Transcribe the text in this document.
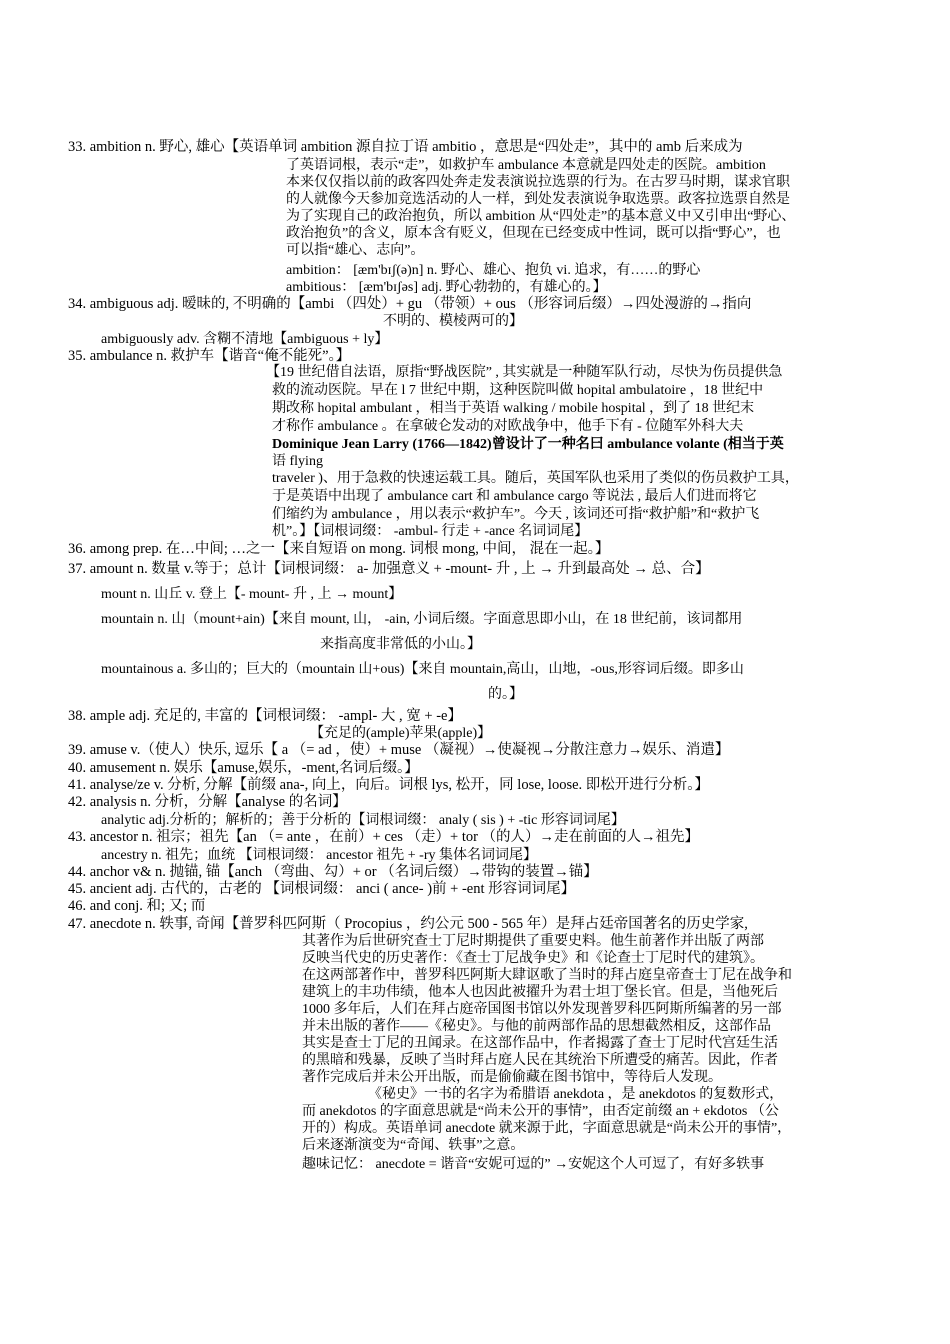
33. ambition n. 野心, 雄心【英语单词 ambition 源自拉丁语 ambitio ，意思是“四处走”，其中的 amb 后来成为
了英语词根，表示“走”，如救护车 ambulance 本意就是四处走的医院。ambition
本来仅仅指以前的政客四处奔走发表演说拉选票的行为。在古罗马时期，谋求官职
的人就像今天参加竞选活动的人一样，到处发表演说争取选票。政客拉选票自然是
为了实现自己的政治抱负，所以 ambition 从“四处走”的基本意义中又引申出“野心、
政治抱负”的含义，原本含有贬义，但现在已经变成中性词，既可以指“野心”，也
可以指“雄心、志向”。
ambition： [æm'bɪʃ(ə)n] n. 野心、雄心、抱负 vi. 追求，有……的野心
ambitious： [æm'bɪʃəs] adj. 野心勃勃的，有雄心的。】
34. ambiguous adj. 暧昧的, 不明确的【ambi （四处）+ gu （带领）+ ous （形容词后缀）→四处漫游的→指向
不明的、模棱两可的】
ambiguously adv. 含糊不清地【ambiguous + ly】
35. ambulance n. 救护车【谐音“俺不能死”。】
【19 世纪借自法语，原指“野战医院” , 其实就是一种随军队行动，尽快为伤员提供急
救的流动医院。早在 l 7 世纪中期，这种医院叫做 hopital ambulatoire ，18 世纪中
期改称 hopital ambulant ，相当于英语 walking / mobile hospital ，到了 18 世纪末
才称作 ambulance 。在拿破仑发动的对欧战争中，他手下有 - 位随军外科大夫
Dominique Jean Larry (1766—1842)曾设计了一种名曰 ambulance volante (相当于英
语 flying
traveler )、用于急救的快速运载工具。随后，英国军队也采用了类似的伤员救护工具，
于是英语中出现了 ambulance cart 和 ambulance cargo 等说法 , 最后人们进而将它
们缩约为 ambulance ，用以表示“救护车”。今天 , 该词还可指“救护船”和“救护飞
机”。】【词根词缀： -ambul- 行走 + -ance 名词词尾】
36. among prep. 在…中间; …之一【来自短语 on mong. 词根 mong, 中间， 混在一起。】
37. amount n. 数量 v.等于；总计【词根词缀： a- 加强意义 + -mount- 升 , 上 → 升到最高处 → 总、合】
mount n. 山丘 v. 登上【- mount- 升 , 上 → mount】
mountain n. 山（mount+ain)【来自 mount, 山， -ain, 小词后缀。字面意思即小山，在 18 世纪前，该词都用
来指高度非常低的小山。】
mountainous a. 多山的；巨大的（mountain 山+ous)【来自 mountain,高山，山地，-ous,形容词后缀。即多山
的。】
38. ample adj. 充足的, 丰富的【词根词缀： -ampl- 大 , 宽 + -e】
【充足的(ample)苹果(apple)】
39. amuse v.（使人）快乐, 逗乐【 a （= ad ，使）+ muse （凝视）→使凝视→分散注意力→娱乐、消遣】
40. amusement n. 娱乐【amuse,娱乐，-ment,名词后缀。】
41. analyse/ze v. 分析, 分解【前缀 ana-, 向上，向后。词根 lys, 松开，同 lose, loose. 即松开进行分析。】
42. analysis n. 分析，分解【analyse 的名词】
analytic adj.分析的；解析的；善于分析的【词根词缀： analy ( sis ) + -tic 形容词词尾】
43. ancestor n. 祖宗；祖先【an （= ante ，在前）+ ces （走）+ tor （的人）→走在前面的人→祖先】
ancestry n. 祖先；血统 【词根词缀： ancestor 祖先 + -ry 集体名词词尾】
44. anchor v& n. 抛锚, 锚【anch （弯曲、勾）+ or （名词后缀）→带钩的装置→锚】
45. ancient adj. 古代的，古老的 【词根词缀： anci ( ance- )前 + -ent 形容词词尾】
46. and conj. 和; 又; 而
47. anecdote n. 轶事, 奇闻【普罗科匹阿斯（ Procopius ，约公元 500 - 565 年）是拜占廷帝国著名的历史学家,
其著作为后世研究查士丁尼时期提供了重要史料。他生前著作并出版了两部
反映当代史的历史著作：《查士丁尼战争史》和《论查士丁尼时代的建筑》。
在这两部著作中，普罗科匹阿斯大肆讴歌了当时的拜占庭皇帝查士丁尼在战争和
建筑上的丰功伟绩，他本人也因此被擢升为君士坦丁堡长官。但是，当他死后
1000 多年后，人们在拜占庭帝国图书馆以外发现普罗科匹阿斯所编著的另一部
并未出版的著作——《秘史》。与他的前两部作品的思想截然相反，这部作品
其实是查士丁尼的丑闻录。在这部作品中，作者揭露了查士丁尼时代宫廷生活
的黑暗和残暴，反映了当时拜占庭人民在其统治下所遭受的痛苦。因此，作者
著作完成后并未公开出版，而是偷偷藏在图书馆中，等待后人发现。
《秘史》一书的名字为希腊语 anekdota ，是 anekdotos 的复数形式，
而 anekdotos 的字面意思就是“尚未公开的事情”，由否定前缀 an + ekdotos （公
开的）构成。英语单词 anecdote 就来源于此，字面意思就是“尚未公开的事情”，
后来逐渐演变为“奇闻、轶事”之意。
趣味记忆： anecdote = 谐音“安妮可逗的” →安妮这个人可逗了，有好多轶事
